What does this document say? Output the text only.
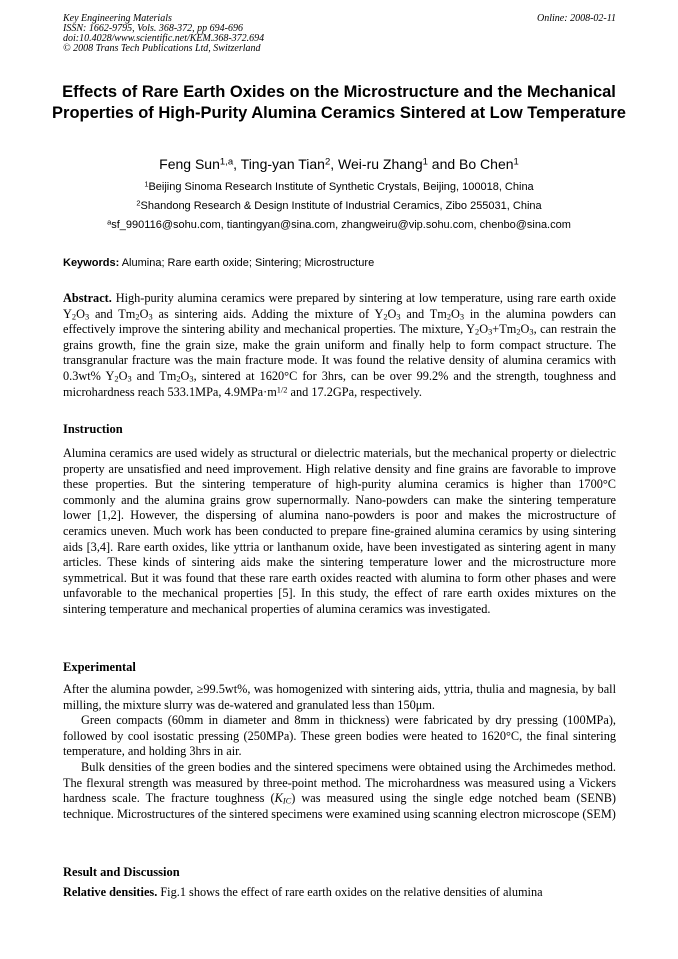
Key Engineering Materials
ISSN: 1662-9795, Vols. 368-372, pp 694-696
doi:10.4028/www.scientific.net/KEM.368-372.694
© 2008 Trans Tech Publications Ltd, Switzerland
Online: 2008-02-11
Effects of Rare Earth Oxides on the Microstructure and the Mechanical Properties of High-Purity Alumina Ceramics Sintered at Low Temperature
Feng Sun$^{1,a}$, Ting-yan Tian$^2$, Wei-ru Zhang$^1$ and Bo Chen$^1$
$^1$Beijing Sinoma Research Institute of Synthetic Crystals, Beijing, 100018, China
$^2$Shandong Research & Design Institute of Industrial Ceramics, Zibo 255031, China
$^a$sf_990116@sohu.com, tiantingyan@sina.com, zhangweiru@vip.sohu.com, chenbo@sina.com
Keywords: Alumina; Rare earth oxide; Sintering; Microstructure
Abstract. High-purity alumina ceramics were prepared by sintering at low temperature, using rare earth oxide $Y_2O_3$ and $Tm_2O_3$ as sintering aids. Adding the mixture of $Y_2O_3$ and $Tm_2O_3$ in the alumina powders can effectively improve the sintering ability and mechanical properties. The mixture, $Y_2O_3+Tm_2O_3$, can restrain the grains growth, fine the grain size, make the grain uniform and finally help to form compact structure. The transgranular fracture was the main fracture mode. It was found the relative density of alumina ceramics with 0.3wt% $Y_2O_3$ and $Tm_2O_3$, sintered at 1620°C for 3hrs, can be over 99.2% and the strength, toughness and microhardness reach 533.1MPa, $4.9MPa\cdot m^{1/2}$ and 17.2GPa, respectively.
Instruction

Alumina ceramics are used widely as structural or dielectric materials, but the mechanical property or dielectric property are unsatisfied and need improvement. High relative density and fine grains are favorable to improve these properties. But the sintering temperature of high-purity alumina ceramics is higher than 1700°C commonly and the alumina grains grow supernormally. Nano-powders can make the sintering temperature lower [1,2]. However, the dispersing of alumina nano-powders is poor and makes the microstructure of ceramics uneven. Much work has been conducted to prepare fine-grained alumina ceramics by using sintering aids [3,4]. Rare earth oxides, like yttria or lanthanum oxide, have been investigated as sintering agent in many articles. These kinds of sintering aids make the sintering temperature lower and the microstructure more symmetrical. But it was found that these rare earth oxides reacted with alumina to form other phases and were unfavorable to the mechanical properties [5]. In this study, the effect of rare earth oxides mixtures on the sintering temperature and mechanical properties of alumina ceramics was investigated.

Experimental

After the alumina powder, ≥99.5wt%, was homogenized with sintering aids, yttria, thulia and magnesia, by ball milling, the mixture slurry was de-watered and granulated less than 150μm.

Green compacts (60mm in diameter and 8mm in thickness) were fabricated by dry pressing (100MPa), followed by cool isostatic pressing (250MPa). These green bodies were heated to 1620°C, the final sintering temperature, and holding 3hrs in air.

Bulk densities of the green bodies and the sintered specimens were obtained using the Archimedes method. The flexural strength was measured by three-point method. The microhardness was measured using a Vickers hardness scale. The fracture toughness $(K_{IC})$ was measured using the single edge notched beam (SENB) technique. Microstructures of the sintered specimens were examined using scanning electron microscope (SEM)

Result and Discussion
Relative densities. Fig.1 shows the effect of rare earth oxides on the relative densities of alumina
